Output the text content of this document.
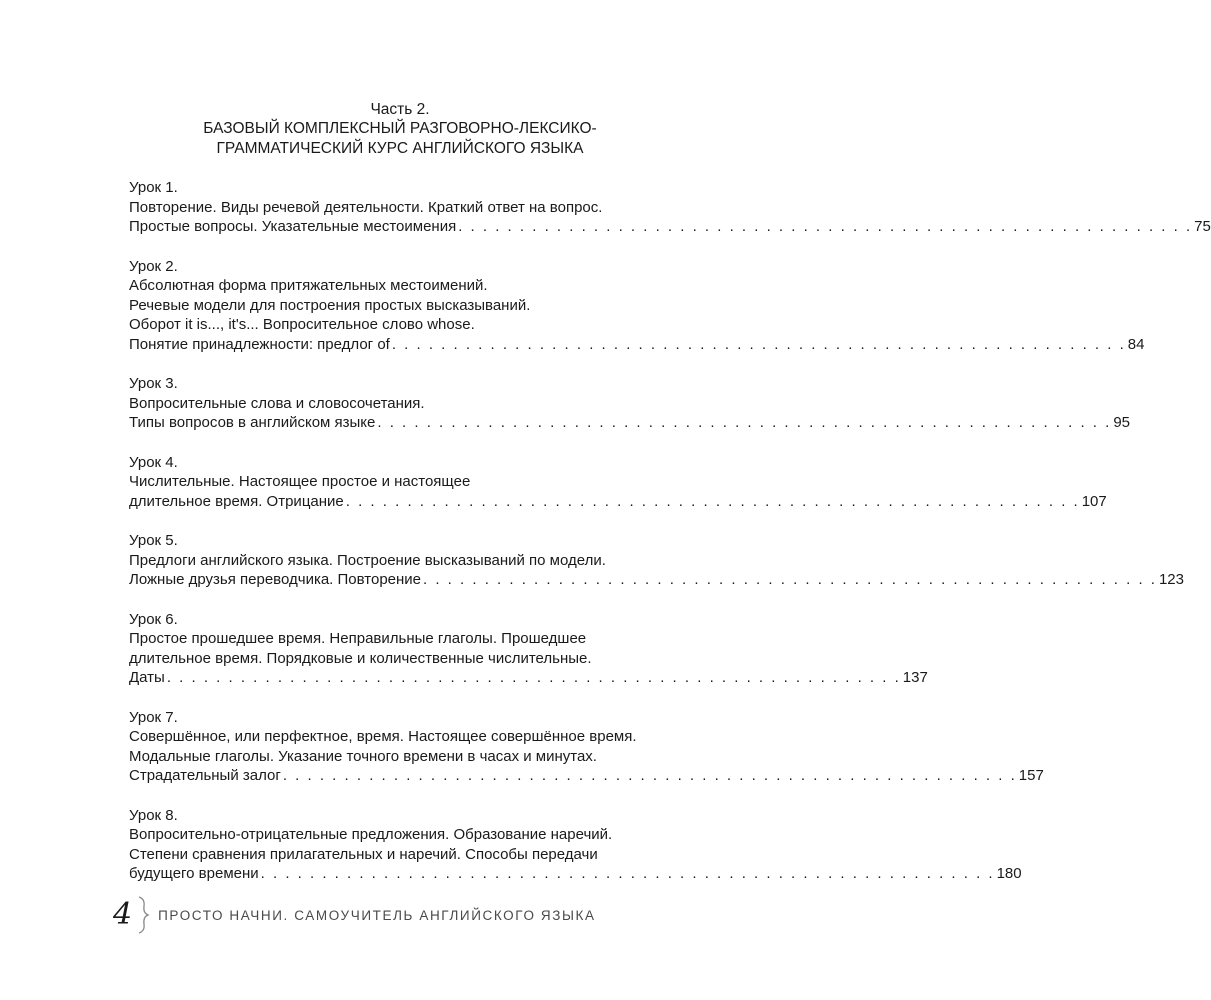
Часть 2.
БАЗОВЫЙ КОМПЛЕКСНЫЙ РАЗГОВОРНО-ЛЕКСИКО-
ГРАММАТИЧЕСКИЙ КУРС АНГЛИЙСКОГО ЯЗЫКА
Урок 1.
Повторение. Виды речевой деятельности. Краткий ответ на вопрос.
Простые вопросы. Указательные местоимения . . . . . . . . . . . . . . . . . . . . . . . . . . . . . . . . . . . . . . . . . . . . . . . . . . . . . . . . . . . . 75
Урок 2.
Абсолютная форма притяжательных местоимений.
Речевые модели для построения простых высказываний.
Оборот it is..., it's... Вопросительное слово whose.
Понятие принадлежности: предлог of . . . . . . . . . . . . . . . . . . . . . . . . . . . . . . . . . . . . . . . . . . . . . . . . . . . . . . . . . . . . 84
Урок 3.
Вопросительные слова и словосочетания.
Типы вопросов в английском языке . . . . . . . . . . . . . . . . . . . . . . . . . . . . . . . . . . . . . . . . . . . . . . . . . . . . . . . . . . . . 95
Урок 4.
Числительные. Настоящее простое и настоящее
длительное время. Отрицание . . . . . . . . . . . . . . . . . . . . . . . . . . . . . . . . . . . . . . . . . . . . . . . . . . . . . . . . . . . . 107
Урок 5.
Предлоги английского языка. Построение высказываний по модели.
Ложные друзья переводчика. Повторение . . . . . . . . . . . . . . . . . . . . . . . . . . . . . . . . . . . . . . . . . . . . . . . . . . . . . . . . . . . . 123
Урок 6.
Простое прошедшее время. Неправильные глаголы. Прошедшее
длительное время. Порядковые и количественные числительные.
Даты . . . . . . . . . . . . . . . . . . . . . . . . . . . . . . . . . . . . . . . . . . . . . . . . . . . . . . . . . . . . 137
Урок 7.
Совершённое, или перфектное, время. Настоящее совершённое время.
Модальные глаголы. Указание точного времени в часах и минутах.
Страдательный залог . . . . . . . . . . . . . . . . . . . . . . . . . . . . . . . . . . . . . . . . . . . . . . . . . . . . . . . . . . . . 157
Урок 8.
Вопросительно-отрицательные предложения. Образование наречий.
Степени сравнения прилагательных и наречий. Способы передачи
будущего времени . . . . . . . . . . . . . . . . . . . . . . . . . . . . . . . . . . . . . . . . . . . . . . . . . . . . . . . . . . . . 180
4 ПРОСТО НАЧНИ. САМОУЧИТЕЛЬ АНГЛИЙСКОГО ЯЗЫКА
